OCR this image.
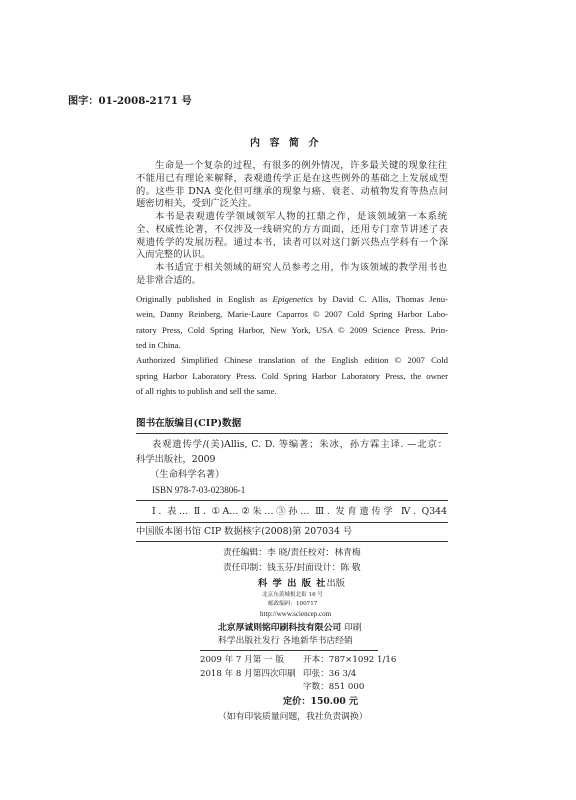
图字：01-2008-2171 号
内 容 简 介
生命是一个复杂的过程，有很多的例外情况，许多最关键的现象往往
不能用已有理论来解释，表观遗传学正是在这些例外的基础之上发展成型
的。这些非 DNA 变化但可继承的现象与癌、衰老、动植物发育等热点问
题密切相关，受到广泛关注。
本书是表观遗传学领域领军人物的扛鼎之作，是该领域第一本系统
全、权威性论著，不仅涉及一线研究的方方面面，还用专门章节讲述了表
观遗传学的发展历程。通过本书，读者可以对这门新兴热点学科有一个深
入而完整的认识。
本书适宜于相关领域的研究人员参考之用，作为该领域的教学用书也
是非常合适的。
Originally published in English as Epigenetics by David C. Allis, Thomas Jenu-
wein, Danny Reinberg, Marie-Laure Caparros © 2007 Cold Spring Harbor Labo-
ratory Press, Cold Spring Harbor, New York, USA © 2009 Science Press. Prin-
ted in China.
Authorized Simplified Chinese translation of the English edition © 2007 Cold
spring Harbor Laboratory Press. Cold Spring Harbor Laboratory Press, the owner
of all rights to publish and sell the same.
图书在版编目(CIP)数据
表观遗传学/(美)Allis, C. D. 等编著；朱冰，孙方霖主译. —北京：
科学出版社，2009
（生命科学名著）
ISBN 978-7-03-023806-1
Ⅰ. 表… Ⅱ. ①A…②朱…③孙… Ⅲ. 发育遗传学 Ⅳ. Q344
中国版本图书馆 CIP 数据核字(2008)第 207034 号
责任编辑：李 晓/责任校对：林青梅
责任印制：钱玉芬/封面设计：陈 敬
科 学 出 版 社出版
北京东黄城根北街 16 号
邮政编码：100717
http://www.sciencep.com
北京厚诚则铭印刷科技有限公司 印刷
科学出版社发行 各地新华书店经销
2009 年 7 月第 一 版 开本：787×1092 1/16
2018 年 8 月第四次印刷 印张：36 3/4
字数：851 000
定价：150.00 元
（如有印装质量问题，我社负责调换）
